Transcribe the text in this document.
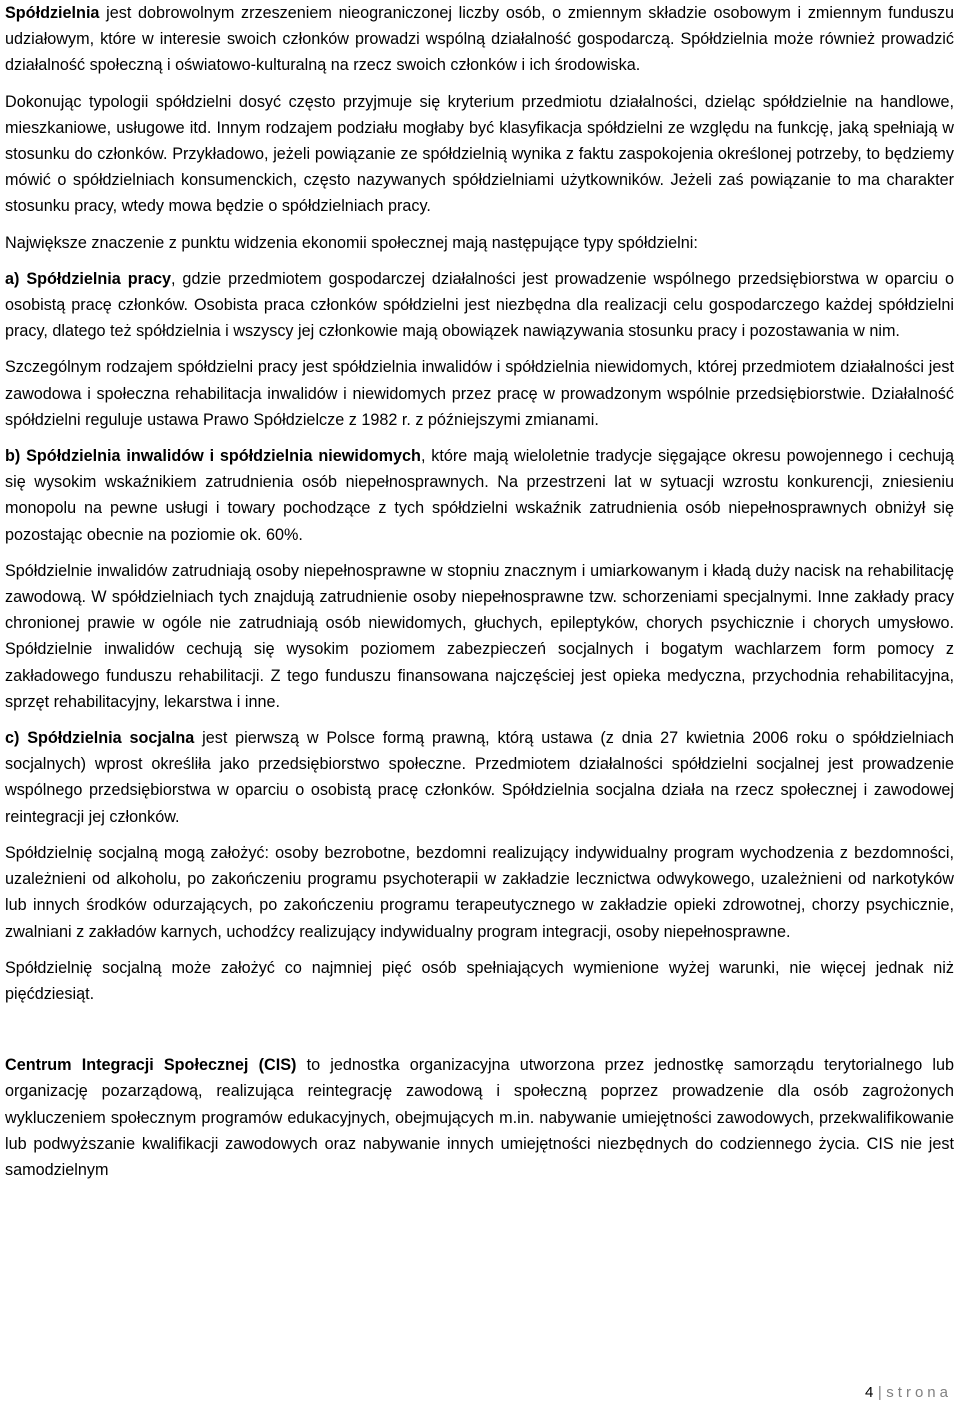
Spółdzielnia jest dobrowolnym zrzeszeniem nieograniczonej liczby osób, o zmiennym składzie osobowym i zmiennym funduszu udziałowym, które w interesie swoich członków prowadzi wspólną działalność gospodarczą. Spółdzielnia może również prowadzić działalność społeczną i oświatowo-kulturalną na rzecz swoich członków i ich środowiska.

Dokonując typologii spółdzielni dosyć często przyjmuje się kryterium przedmiotu działalności, dzieląc spółdzielnie na handlowe, mieszkaniowe, usługowe itd. Innym rodzajem podziału mogłaby być klasyfikacja spółdzielni ze względu na funkcję, jaką spełniają w stosunku do członków. Przykładowo, jeżeli powiązanie ze spółdzielnią wynika z faktu zaspokojenia określonej potrzeby, to będziemy mówić o spółdzielniach konsumenckich, często nazywanych spółdzielniami użytkowników. Jeżeli zaś powiązanie to ma charakter stosunku pracy, wtedy mowa będzie o spółdzielniach pracy.

Największe znaczenie z punktu widzenia ekonomii społecznej mają następujące typy spółdzielni:

a) Spółdzielnia pracy, gdzie przedmiotem gospodarczej działalności jest prowadzenie wspólnego przedsiębiorstwa w oparciu o osobistą pracę członków. Osobista praca członków spółdzielni jest niezbędna dla realizacji celu gospodarczego każdej spółdzielni pracy, dlatego też spółdzielnia i wszyscy jej członkowie mają obowiązek nawiązywania stosunku pracy i pozostawania w nim.

Szczególnym rodzajem spółdzielni pracy jest spółdzielnia inwalidów i spółdzielnia niewidomych, której przedmiotem działalności jest zawodowa i społeczna rehabilitacja inwalidów i niewidomych przez pracę w prowadzonym wspólnie przedsiębiorstwie. Działalność spółdzielni reguluje ustawa Prawo Spółdzielcze z 1982 r. z późniejszymi zmianami.

b) Spółdzielnia inwalidów i spółdzielnia niewidomych, które mają wieloletnie tradycje sięgające okresu powojennego i cechują się wysokim wskaźnikiem zatrudnienia osób niepełnosprawnych. Na przestrzeni lat w sytuacji wzrostu konkurencji, zniesieniu monopolu na pewne usługi i towary pochodzące z tych spółdzielni wskaźnik zatrudnienia osób niepełnosprawnych obniżył się pozostając obecnie na poziomie ok. 60%.

Spółdzielnie inwalidów zatrudniają osoby niepełnosprawne w stopniu znacznym i umiarkowanym i kładą duży nacisk na rehabilitację zawodową. W spółdzielniach tych znajdują zatrudnienie osoby niepełnosprawne tzw. schorzeniami specjalnymi. Inne zakłady pracy chronionej prawie w ogóle nie zatrudniają osób niewidomych, głuchych, epileptyków, chorych psychicznie i chorych umysłowo. Spółdzielnie inwalidów cechują się wysokim poziomem zabezpieczeń socjalnych i bogatym wachlarzem form pomocy z zakładowego funduszu rehabilitacji. Z tego funduszu finansowana najczęściej jest opieka medyczna, przychodnia rehabilitacyjna, sprzęt rehabilitacyjny, lekarstwa i inne.

c) Spółdzielnia socjalna jest pierwszą w Polsce formą prawną, którą ustawa (z dnia 27 kwietnia 2006 roku o spółdzielniach socjalnych) wprost określiła jako przedsiębiorstwo społeczne. Przedmiotem działalności spółdzielni socjalnej jest prowadzenie wspólnego przedsiębiorstwa w oparciu o osobistą pracę członków. Spółdzielnia socjalna działa na rzecz społecznej i zawodowej reintegracji jej członków.

Spółdzielnię socjalną mogą założyć: osoby bezrobotne, bezdomni realizujący indywidualny program wychodzenia z bezdomności, uzależnieni od alkoholu, po zakończeniu programu psychoterapii w zakładzie lecznictwa odwykowego, uzależnieni od narkotyków lub innych środków odurzających, po zakończeniu programu terapeutycznego w zakładzie opieki zdrowotnej, chorzy psychicznie, zwalniani z zakładów karnych, uchodźcy realizujący indywidualny program integracji, osoby niepełnosprawne.

Spółdzielnię socjalną może założyć co najmniej pięć osób spełniających wymienione wyżej warunki, nie więcej jednak niż pięćdziesiąt.

Centrum Integracji Społecznej (CIS) to jednostka organizacyjna utworzona przez jednostkę samorządu terytorialnego lub organizację pozarządową, realizująca reintegrację zawodową i społeczną poprzez prowadzenie dla osób zagrożonych wykluczeniem społecznym programów edukacyjnych, obejmujących m.in. nabywanie umiejętności zawodowych, przekwalifikowanie lub podwyższanie kwalifikacji zawodowych oraz nabywanie innych umiejętności niezbędnych do codziennego życia. CIS nie jest samodzielnym

4 | strona
